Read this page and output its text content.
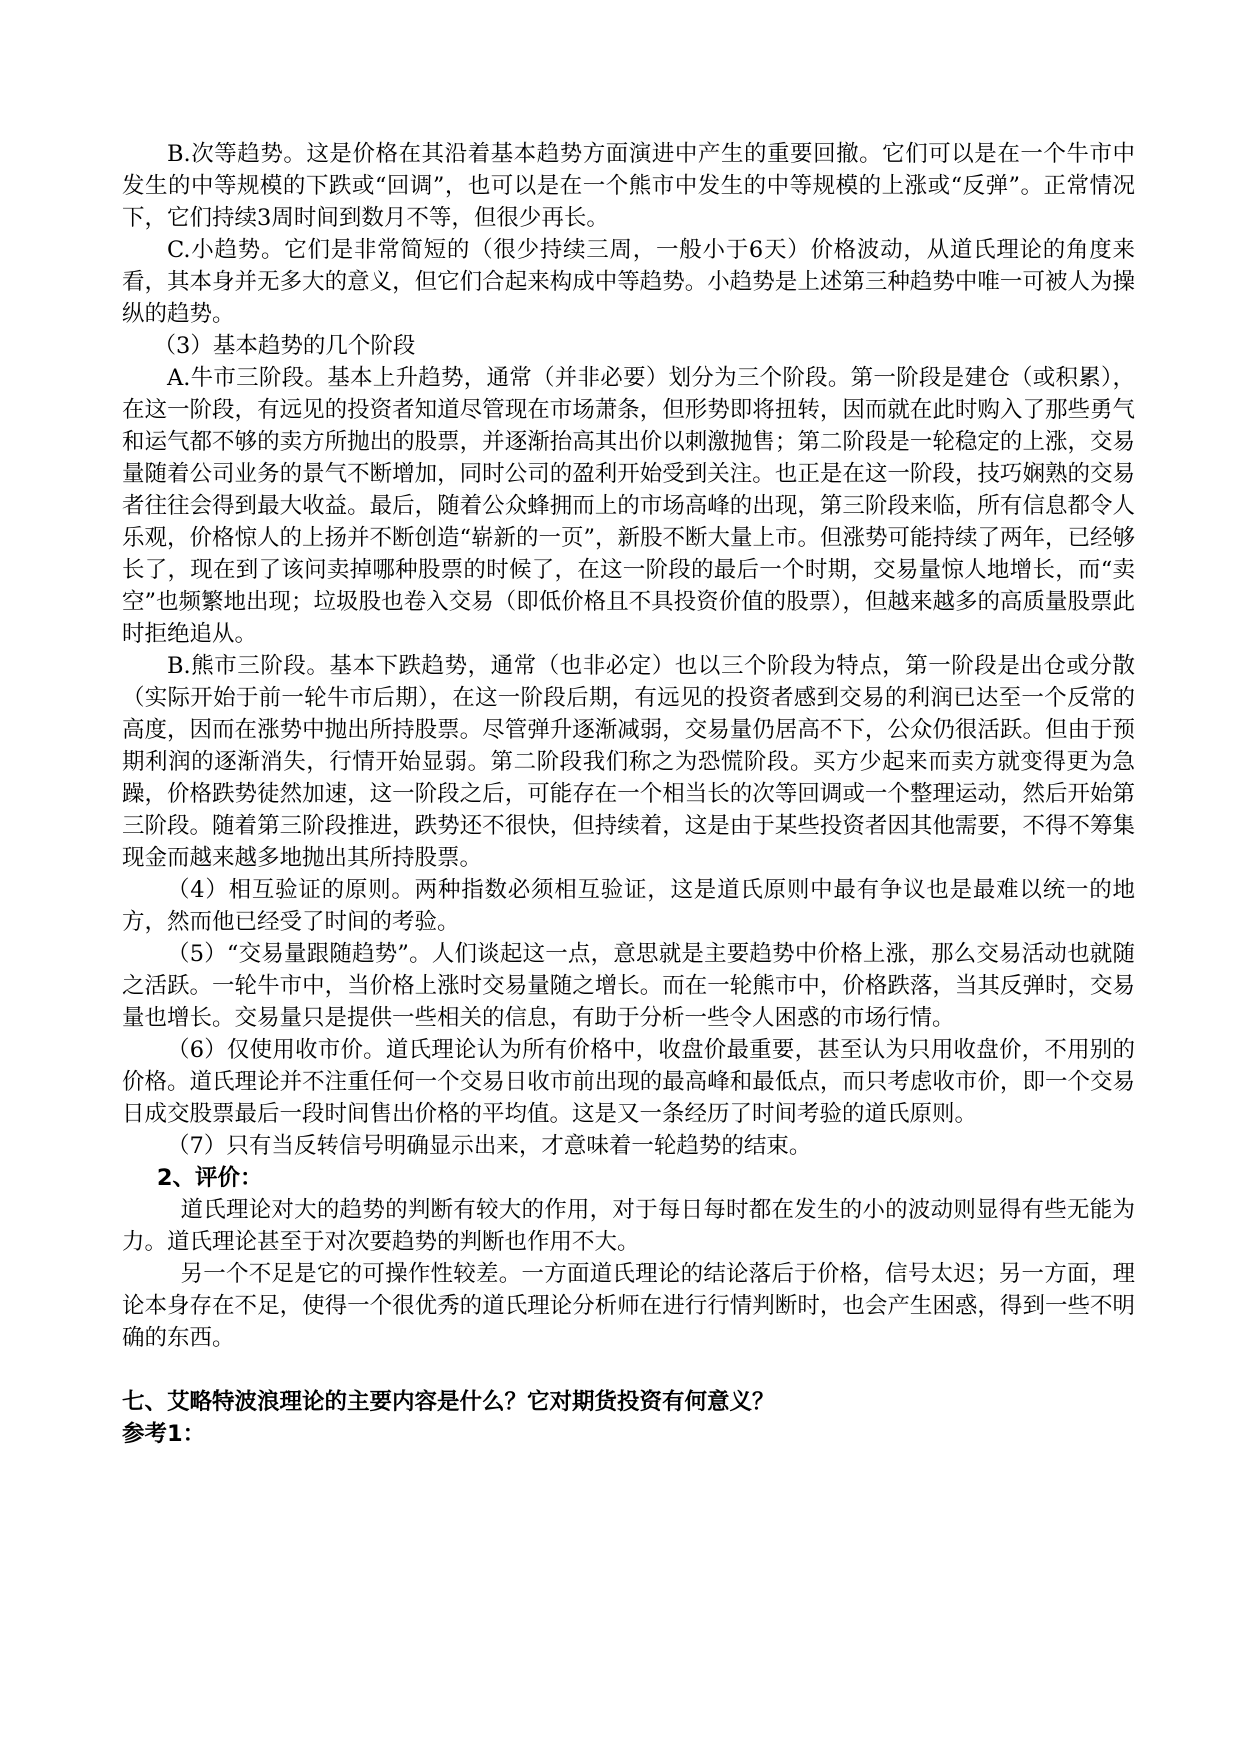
B.次等趋势。这是价格在其沿着基本趋势方面演进中产生的重要回撤。它们可以是在一个牛市中发生的中等规模的下跌或“回调”，也可以是在一个熊市中发生的中等规模的上涨或“反弹”。正常情况下，它们持续3周时间到数月不等，但很少再长。

C.小趋势。它们是非常简短的（很少持续三周，一般小于6天）价格波动，从道氏理论的角度来看，其本身并无多大的意义，但它们合起来构成中等趋势。小趋势是上述第三种趋势中唯一可被人为操纵的趋势。

（3）基本趋势的几个阶段

A.牛市三阶段。基本上升趋势，通常（并非必要）划分为三个阶段。第一阶段是建仓（或积累），在这一阶段，有远见的投资者知道尽管现在市场萧条，但形势即将扭转，因而就在此时购入了那些勇气和运气都不够的卖方所抛出的股票，并逐渐抬高其出价以刺激抛售；第二阶段是一轮稳定的上涨，交易量随着公司业务的景气不断增加，同时公司的盈利开始受到关注。也正是在这一阶段，技巧娴熟的交易者往往会得到最大收益。最后，随着公众蜂拥而上的市场高峰的出现，第三阶段来临，所有信息都令人乐观，价格惊人的上扬并不断创造“崭新的一页”，新股不断大量上市。但涨势可能持续了两年，已经够长了，现在到了该问卖掉哪种股票的时候了，在这一阶段的最后一个时期，交易量惊人地增长，而“卖空”也频繁地出现；垃圾股也卷入交易（即低价格且不具投资价值的股票），但越来越多的高质量股票此时拒绝追从。

B.熊市三阶段。基本下跌趋势，通常（也非必定）也以三个阶段为特点，第一阶段是出仓或分散（实际开始于前一轮牛市后期），在这一阶段后期，有远见的投资者感到交易的利润已达至一个反常的高度，因而在涨势中抛出所持股票。尽管弹升逐渐减弱，交易量仍居高不下，公众仍很活跃。但由于预期利润的逐渐消失，行情开始显弱。第二阶段我们称之为恐慌阶段。买方少起来而卖方就变得更为急躁，价格跌势徒然加速，这一阶段之后，可能存在一个相当长的次等回调或一个整理运动，然后开始第三阶段。随着第三阶段推进，跌势还不很快，但持续着，这是由于某些投资者因其他需要，不得不筹集现金而越来越多地抛出其所持股票。

（4）相互验证的原则。两种指数必须相互验证，这是道氏原则中最有争议也是最难以统一的地方，然而他已经受了时间的考验。

（5）“交易量跟随趋势”。人们谈起这一点，意思就是主要趋势中价格上涨，那么交易活动也就随之活跃。一轮牛市中，当价格上涨时交易量随之增长。而在一轮熊市中，价格跌落，当其反弹时，交易量也增长。交易量只是提供一些相关的信息，有助于分析一些令人困惑的市场行情。

（6）仅使用收市价。道氏理论认为所有价格中，收盘价最重要，甚至认为只用收盘价，不用别的价格。道氏理论并不注重任何一个交易日收市前出现的最高峰和最低点，而只考虑收市价，即一个交易日成交股票最后一段时间售出价格的平均值。这是又一条经历了时间考验的道氏原则。

（7）只有当反转信号明确显示出来，才意味着一轮趋势的结束。

2、评价：

道氏理论对大的趋势的判断有较大的作用，对于每日每时都在发生的小的波动则显得有些无能为力。道氏理论甚至于对次要趋势的判断也作用不大。

另一个不足是它的可操作性较差。一方面道氏理论的结论落后于价格，信号太迟；另一方面，理论本身存在不足，使得一个很优秀的道氏理论分析师在进行行情判断时，也会产生困惑，得到一些不明确的东西。

七、艾略特波浪理论的主要内容是什么？它对期货投资有何意义？

参考1：
